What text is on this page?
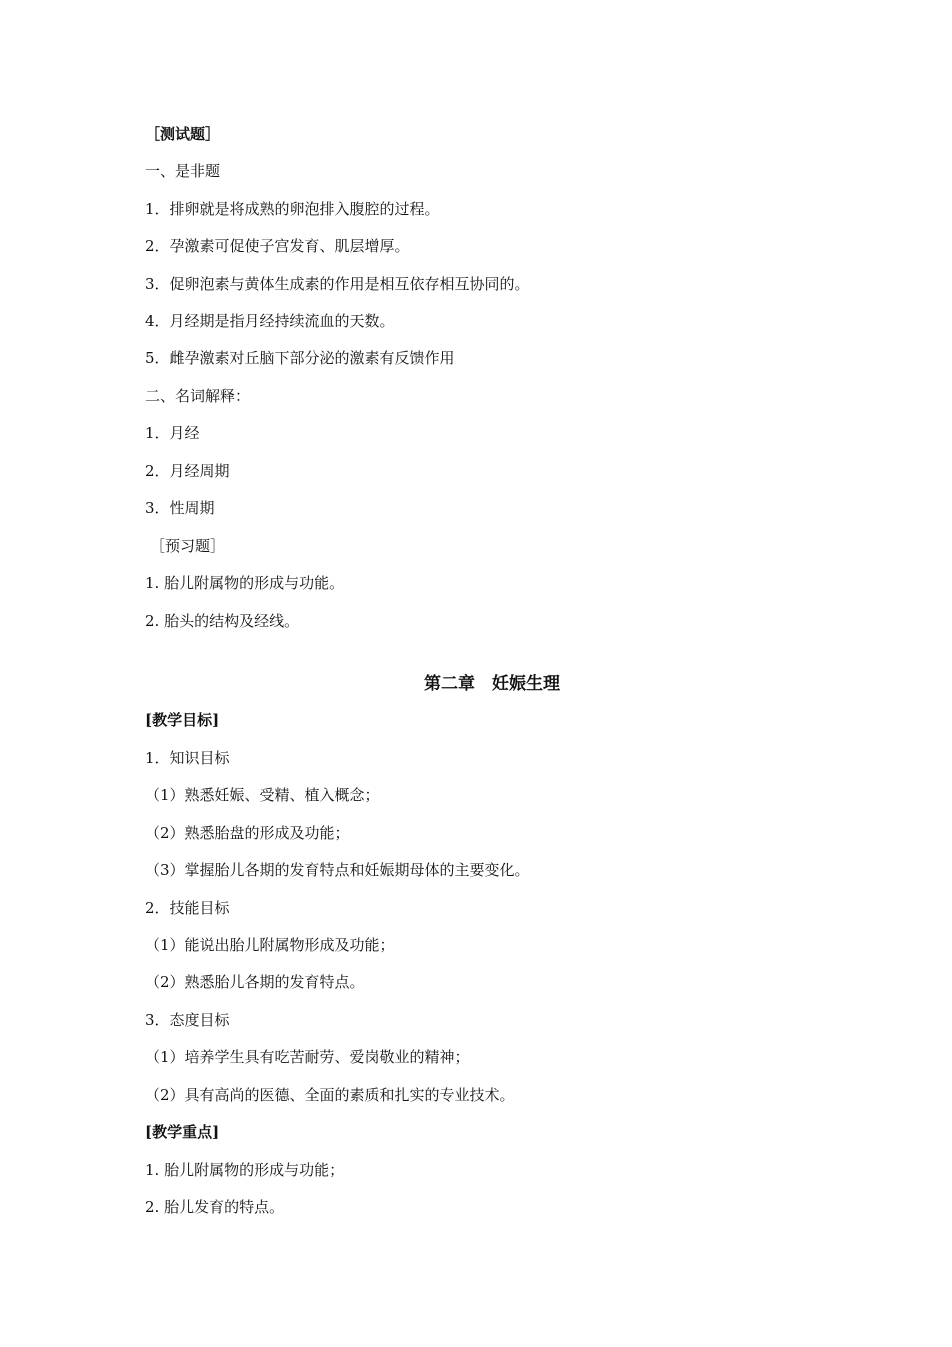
［测试题］
一、是非题
1．排卵就是将成熟的卵泡排入腹腔的过程。
2．孕激素可促使子宫发育、肌层增厚。
3．促卵泡素与黄体生成素的作用是相互依存相互协同的。
4．月经期是指月经持续流血的天数。
5．雌孕激素对丘脑下部分泌的激素有反馈作用
二、名词解释：
1．月经
2．月经周期
3．性周期
［预习题］
1. 胎儿附属物的形成与功能。
2. 胎头的结构及经线。
第二章　妊娠生理
[教学目标]
1．知识目标
（1）熟悉妊娠、受精、植入概念；
（2）熟悉胎盘的形成及功能；
（3）掌握胎儿各期的发育特点和妊娠期母体的主要变化。
2．技能目标
（1）能说出胎儿附属物形成及功能；
（2）熟悉胎儿各期的发育特点。
3．态度目标
（1）培养学生具有吃苦耐劳、爱岗敬业的精神；
（2）具有高尚的医德、全面的素质和扎实的专业技术。
[教学重点]
1. 胎儿附属物的形成与功能；
2. 胎儿发育的特点。
